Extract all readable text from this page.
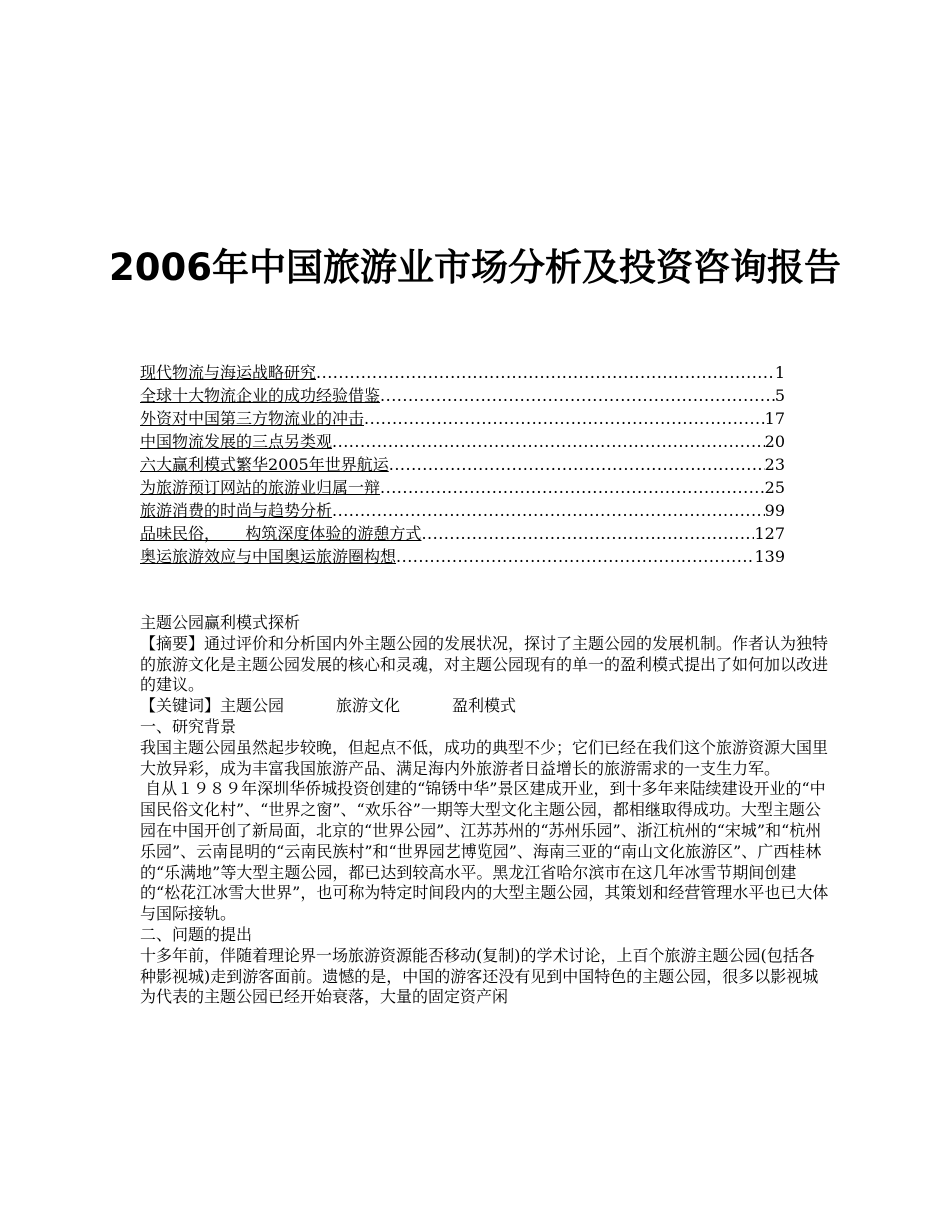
2006年中国旅游业市场分析及投资咨询报告
现代物流与海运战略研究 .....	1
全球十大物流企业的成功经验借鉴 .....	5
外资对中国第三方物流业的冲击 .....	17
中国物流发展的三点另类观 .....	20
六大赢利模式繁华2005年世界航运 .....	23
为旅游预订网站的旅游业归属一辩 .....	25
旅游消费的时尚与趋势分析 .....	99
品味民俗，     构筑深度体验的游憩方式 .....	127
奥运旅游效应与中国奥运旅游圈构想 .....	139

主题公园赢利模式探析

【摘要】通过评价和分析国内外主题公园的发展状况，探讨了主题公园的发展机制。作者认为独特的旅游文化是主题公园发展的核心和灵魂，对主题公园现有的单一的盈利模式提出了如何加以改进的建议。

【关键词】主题公园	旅游文化	盈利模式

一、研究背景

我国主题公园虽然起步较晚，但起点不低，成功的典型不少；它们已经在我们这个旅游资源大国里大放异彩，成为丰富我国旅游产品、满足海内外旅游者日益增长的旅游需求的一支生力军。

自从１９８９年深圳华侨城投资创建的“锦锈中华”景区建成开业，到十多年来陆续建设开业的“中国民俗文化村”、“世界之窗”、“欢乐谷”一期等大型文化主题公园，都相继取得成功。大型主题公园在中国开创了新局面，北京的“世界公园”、江苏苏州的“苏州乐园”、浙江杭州的“宋城”和“杭州乐园”、云南昆明的“云南民族村”和“世界园艺博览园”、海南三亚的“南山文化旅游区”、广西桂林的“乐满地”等大型主题公园，都已达到较高水平。黑龙江省哈尔滨市在这几年冰雪节期间创建的“松花江冰雪大世界”，也可称为特定时间段内的大型主题公园，其策划和经营管理水平也已大体与国际接轨。

二、问题的提出

十多年前，伴随着理论界一场旅游资源能否移动(复制)的学术讨论，上百个旅游主题公园(包括各种影视城)走到游客面前。遗憾的是，中国的游客还没有见到中国特色的主题公园，很多以影视城为代表的主题公园已经开始衰落，大量的固定资产闲
